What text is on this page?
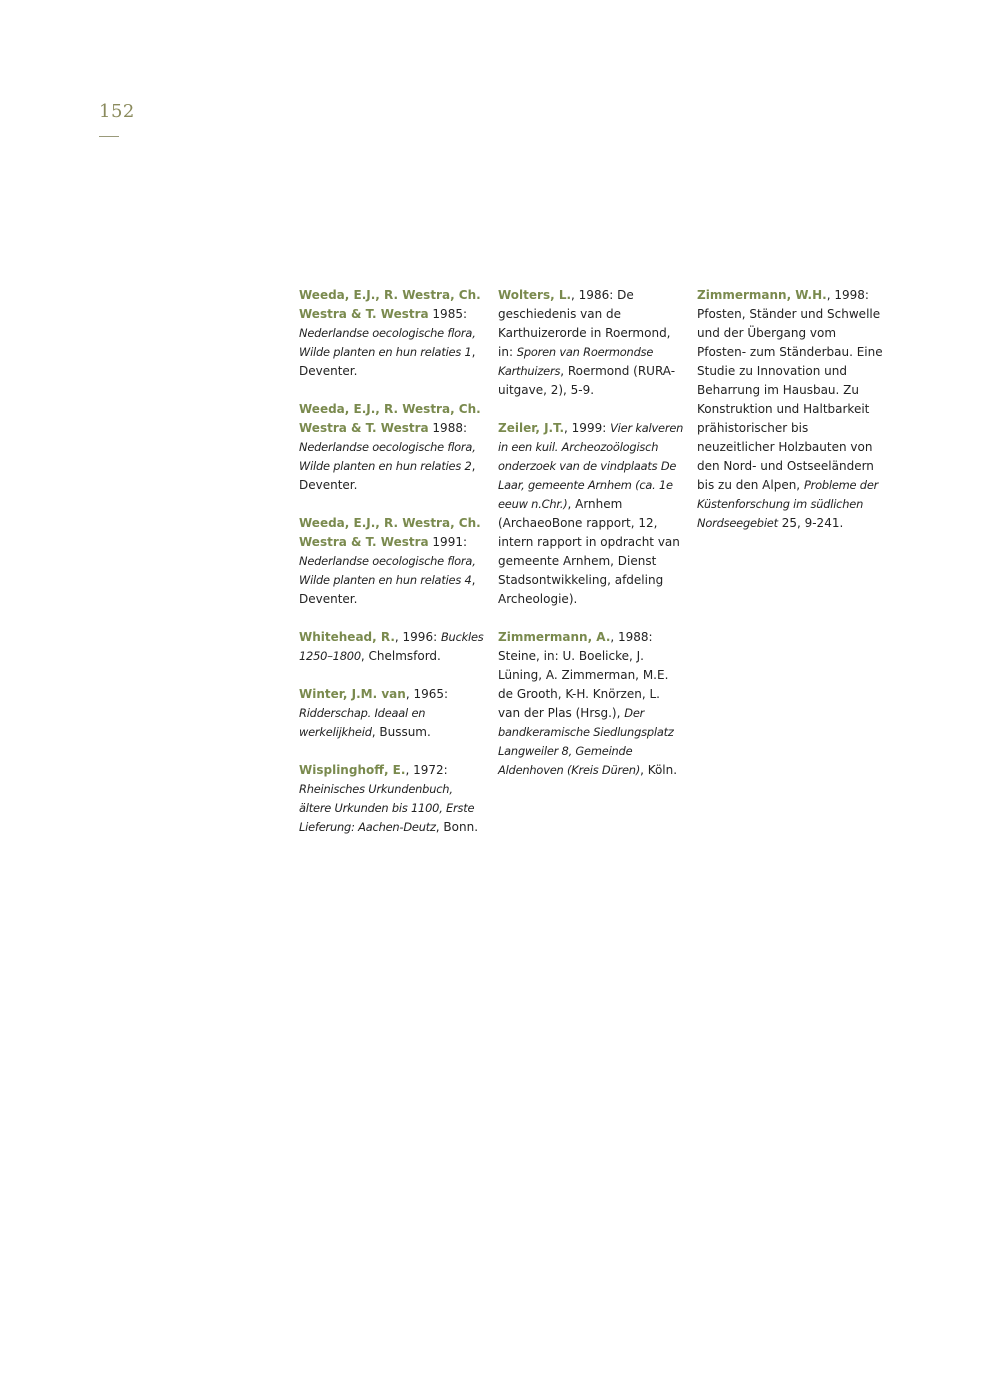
152

Weeda, E.J., R. Westra, Ch. Westra & T. Westra 1985: Nederlandse oecologische flora, Wilde planten en hun relaties 1, Deventer.

Weeda, E.J., R. Westra, Ch. Westra & T. Westra 1988: Nederlandse oecologische flora, Wilde planten en hun relaties 2, Deventer.

Weeda, E.J., R. Westra, Ch. Westra & T. Westra 1991: Nederlandse oecologische flora, Wilde planten en hun relaties 4, Deventer.

Whitehead, R., 1996: Buckles 1250–1800, Chelmsford.

Winter, J.M. van, 1965: Ridderschap. Ideaal en werkelijkheid, Bussum.

Wisplinghoff, E., 1972: Rheinisches Urkundenbuch, ältere Urkunden bis 1100, Erste Lieferung: Aachen-Deutz, Bonn.

Wolters, L., 1986: De geschiedenis van de Karthuizerorde in Roermond, in: Sporen van Roermondse Karthuizers, Roermond (RURA-uitgave, 2), 5-9.

Zeiler, J.T., 1999: Vier kalveren in een kuil. Archeozoölogisch onderzoek van de vindplaats De Laar, gemeente Arnhem (ca. 1e eeuw n.Chr.), Arnhem (ArchaeoBone rapport, 12, intern rapport in opdracht van gemeente Arnhem, Dienst Stadsontwikkeling, afdeling Archeologie).

Zimmermann, A., 1988: Steine, in: U. Boelicke, J. Lüning, A. Zimmerman, M.E. de Grooth, K-H. Knörzen, L. van der Plas (Hrsg.), Der bandkeramische Siedlungsplatz Langweiler 8, Gemeinde Aldenhoven (Kreis Düren), Köln.

Zimmermann, W.H., 1998: Pfosten, Ständer und Schwelle und der Übergang vom Pfosten- zum Ständerbau. Eine Studie zu Innovation und Beharrung im Hausbau. Zu Konstruktion und Haltbarkeit prähistorischer bis neuzeitlicher Holzbauten von den Nord- und Ostseeländern bis zu den Alpen, Probleme der Küstenforschung im südlichen Nordseegebiet 25, 9-241.
